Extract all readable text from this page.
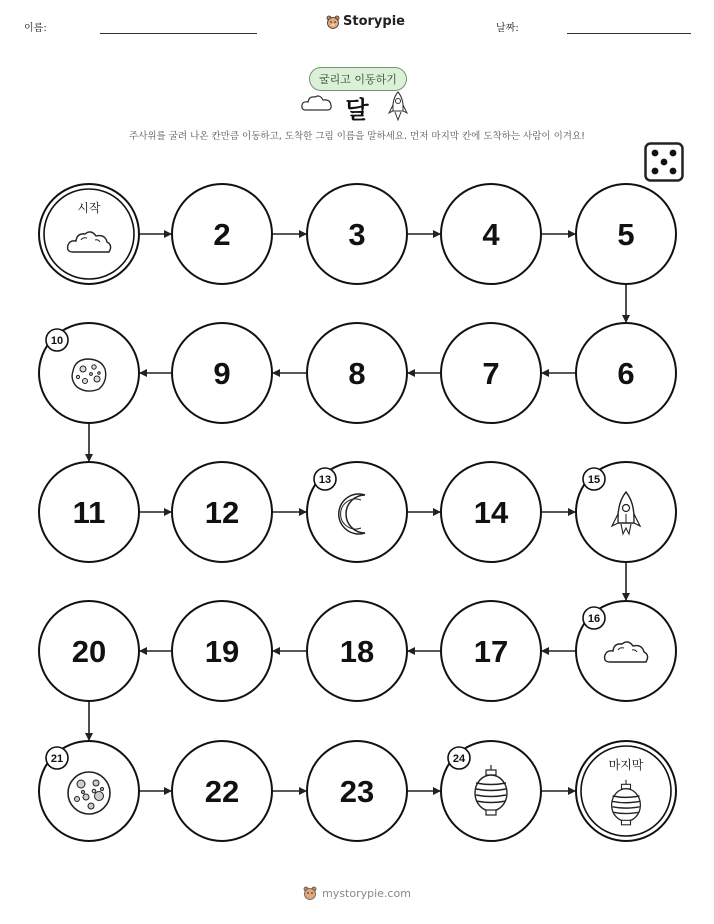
이름:	Storypie	날짜:
굴리고 이동하기
달
주사위를 굴려 나온 칸만큼 이동하고, 도착한 그림 이름을 말하세요. 먼저 마지막 칸에 도착하는 사람이 이겨요!
시작
2	3	4	5
6
7
8
9
10
11	12
13
14
15
16
17
18
19
20
21
22	23
24	마지막
mystorypie.com
